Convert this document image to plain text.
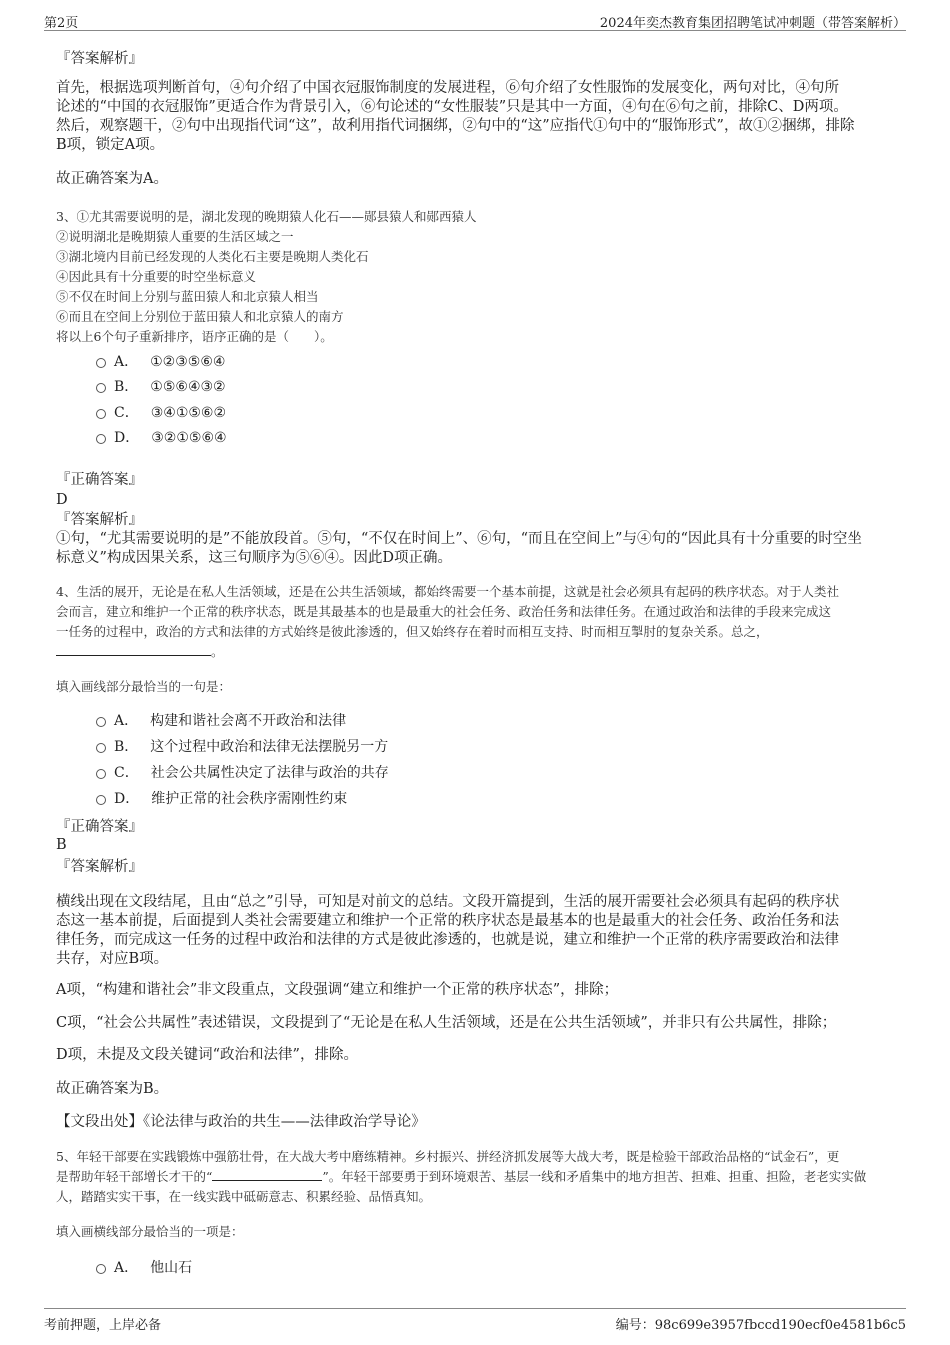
第2页	2024年奕杰教育集团招聘笔试冲刺题（带答案解析）
『答案解析』
首先，根据选项判断首句，④句介绍了中国衣冠服饰制度的发展进程，⑥句介绍了女性服饰的发展变化，两句对比，④句所
论述的“中国的衣冠服饰”更适合作为背景引入，⑥句论述的“女性服装”只是其中一方面，④句在⑥句之前，排除C、D两项。
然后，观察题干，②句中出现指代词“这”，故利用指代词捆绑，②句中的“这”应指代①句中的“服饰形式”，故①②捆绑，排除
B项，锁定A项。
故正确答案为A。
3、①尤其需要说明的是，湖北发现的晚期猿人化石——郧县猿人和郧西猿人
②说明湖北是晚期猿人重要的生活区域之一
③湖北境内目前已经发现的人类化石主要是晚期人类化石
④因此具有十分重要的时空坐标意义
⑤不仅在时间上分别与蓝田猿人和北京猿人相当
⑥而且在空间上分别位于蓝田猿人和北京猿人的南方
将以上6个句子重新排序，语序正确的是（　　）。
A． ①②③⑤⑥④
B． ①⑤⑥④③②
C． ③④①⑤⑥②
D． ③②①⑤⑥④
『正确答案』
D
『答案解析』
①句，“尤其需要说明的是”不能放段首。⑤句，“不仅在时间上”、⑥句，“而且在空间上”与④句的“因此具有十分重要的时空坐
标意义”构成因果关系，这三句顺序为⑤⑥④。因此D项正确。
4、生活的展开，无论是在私人生活领域，还是在公共生活领域，都始终需要一个基本前提，这就是社会必须具有起码的秩序状态。对于人类社
会而言，建立和维护一个正常的秩序状态，既是其最基本的也是最重大的社会任务、政治任务和法律任务。在通过政治和法律的手段来完成这
一任务的过程中，政治的方式和法律的方式始终是彼此渗透的，但又始终存在着时而相互支持、时而相互掣肘的复杂关系。总之，
。
填入画线部分最恰当的一句是：
A． 构建和谐社会离不开政治和法律
B． 这个过程中政治和法律无法摆脱另一方
C． 社会公共属性决定了法律与政治的共存
D． 维护正常的社会秩序需刚性约束
『正确答案』
B
『答案解析』
横线出现在文段结尾，且由“总之”引导，可知是对前文的总结。文段开篇提到，生活的展开需要社会必须具有起码的秩序状
态这一基本前提，后面提到人类社会需要建立和维护一个正常的秩序状态是最基本的也是最重大的社会任务、政治任务和法
律任务，而完成这一任务的过程中政治和法律的方式是彼此渗透的，也就是说，建立和维护一个正常的秩序需要政治和法律
共存，对应B项。
A项，“构建和谐社会”非文段重点，文段强调“建立和维护一个正常的秩序状态”，排除；
C项，“社会公共属性”表述错误，文段提到了“无论是在私人生活领域，还是在公共生活领域”，并非只有公共属性，排除；
D项，未提及文段关键词“政治和法律”，排除。
故正确答案为B。
【文段出处】《论法律与政治的共生——法律政治学导论》
5、年轻干部要在实践锻炼中强筋壮骨，在大战大考中磨练精神。乡村振兴、拼经济抓发展等大战大考，既是检验干部政治品格的“试金石”，更
是帮助年轻干部增长才干的“	”。年轻干部要勇于到环境艰苦、基层一线和矛盾集中的地方担苦、担难、担重、担险，老老实实做
人，踏踏实实干事，在一线实践中砥砺意志、积累经验、品悟真知。
填入画横线部分最恰当的一项是：
A． 他山石
考前押题，上岸必备	编号：98c699e3957fbccd190ecf0e4581b6c5
